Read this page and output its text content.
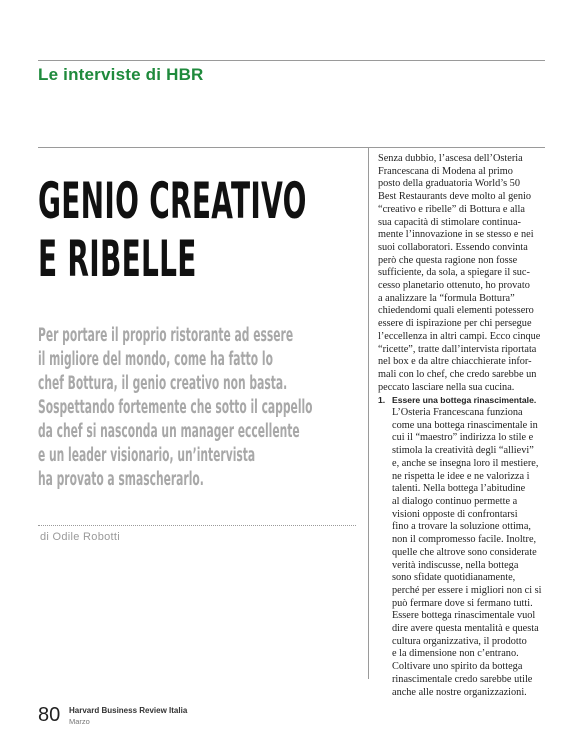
Le interviste di HBR
GENIO CREATIVO
E RIBELLE
Per portare il proprio ristorante ad essere
il migliore del mondo, come ha fatto lo
chef Bottura, il genio creativo non basta.
Sospettando fortemente che sotto il cappello
da chef si nasconda un manager eccellente
e un leader visionario, un’intervista
ha provato a smascherarlo.
di Odile Robotti
Senza dubbio, l’ascesa dell’Osteria
Francescana di Modena al primo
posto della graduatoria World’s 50
Best Restaurants deve molto al genio
“creativo e ribelle” di Bottura e alla
sua capacità di stimolare continua-
mente l’innovazione in se stesso e nei
suoi collaboratori. Essendo convinta
però che questa ragione non fosse
sufficiente, da sola, a spiegare il suc-
cesso planetario ottenuto, ho provato
a analizzare la “formula Bottura”
chiedendomi quali elementi potessero
essere di ispirazione per chi persegue
l’eccellenza in altri campi. Ecco cinque
“ricette”, tratte dall’intervista riportata
nel box e da altre chiacchierate infor-
mali con lo chef, che credo sarebbe un
peccato lasciare nella sua cucina.
1. Essere una bottega rinascimentale.
L’Osteria Francescana funziona
come una bottega rinascimentale in
cui il “maestro” indirizza lo stile e
stimola la creatività degli “allievi”
e, anche se insegna loro il mestiere,
ne rispetta le idee e ne valorizza i
talenti. Nella bottega l’abitudine
al dialogo continuo permette a
visioni opposte di confrontarsi
fino a trovare la soluzione ottima,
non il compromesso facile. Inoltre,
quelle che altrove sono considerate
verità indiscusse, nella bottega
sono sfidate quotidianamente,
perché per essere i migliori non ci si
può fermare dove si fermano tutti.
Essere bottega rinascimentale vuol
dire avere questa mentalità e questa
cultura organizzativa, il prodotto
e la dimensione non c’entrano.
Coltivare uno spirito da bottega
rinascimentale credo sarebbe utile
anche alle nostre organizzazioni.
80 Harvard Business Review Italia
Marzo
